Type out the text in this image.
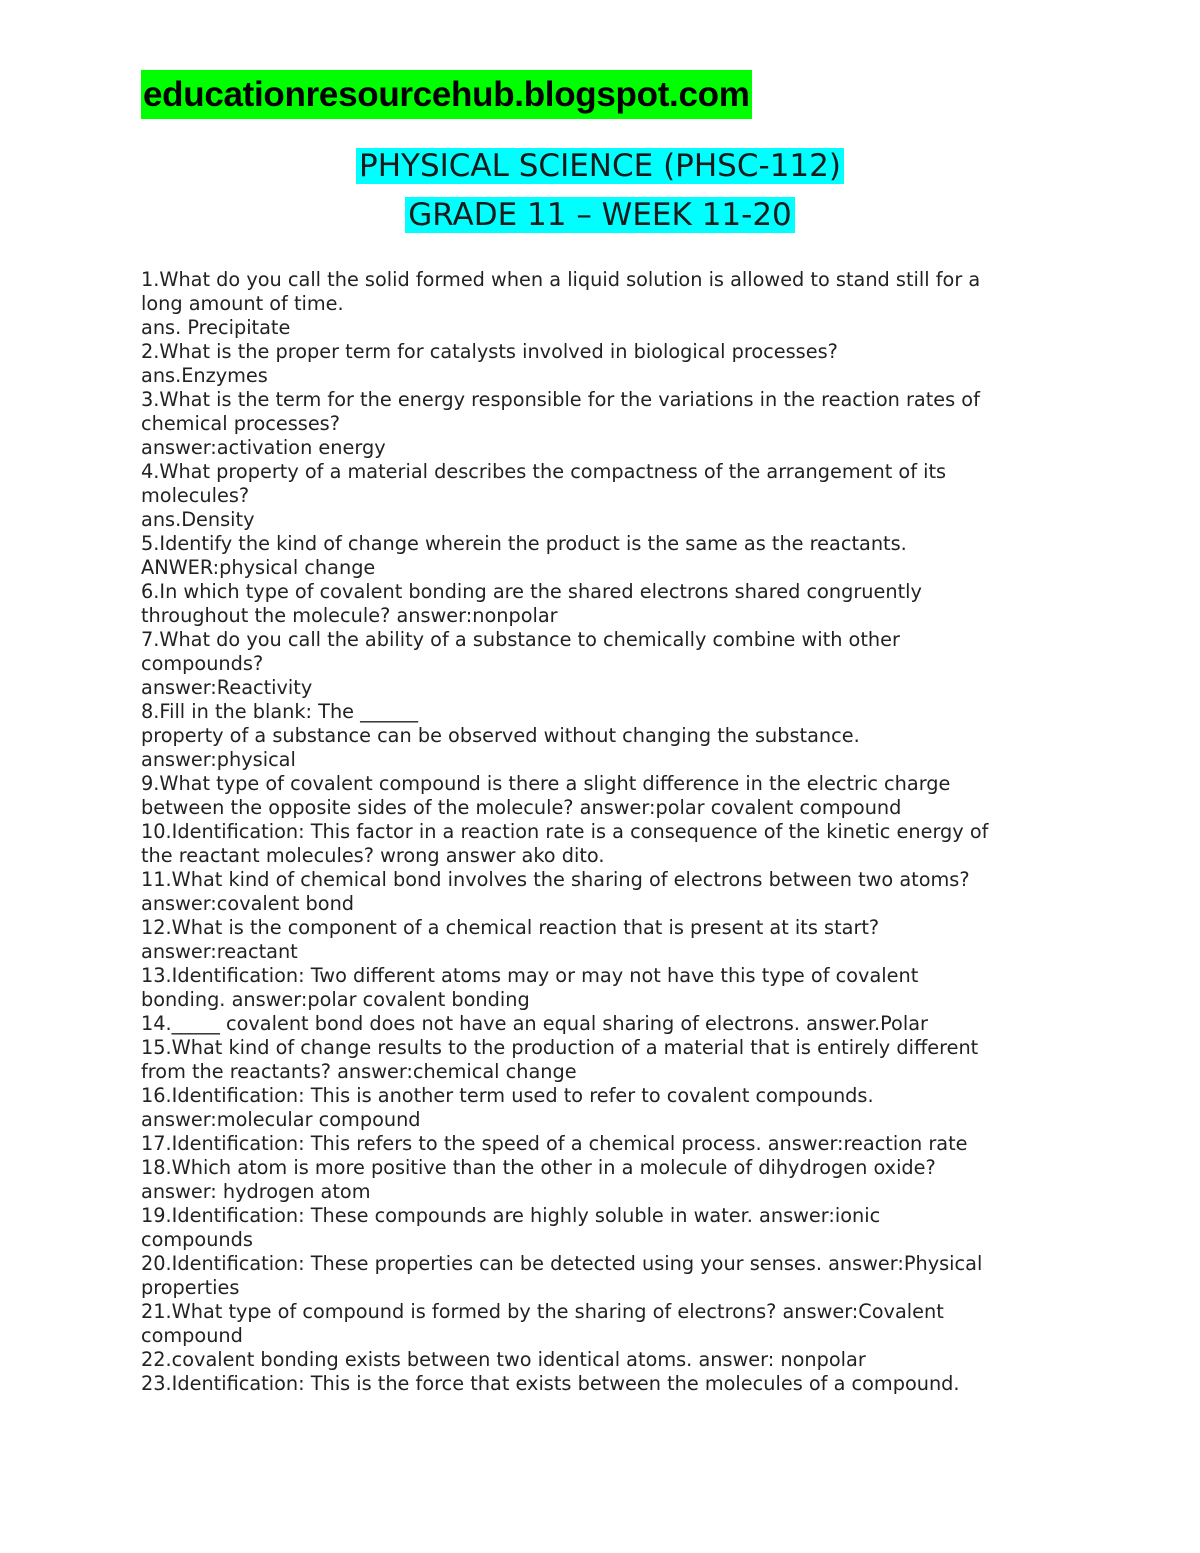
educationresourcehub.blogspot.com
PHYSICAL SCIENCE (PHSC-112)
GRADE 11 – WEEK 11-20
1.What do you call the solid formed when a liquid solution is allowed to stand still for a
long amount of time.
ans. Precipitate
2.What is the proper term for catalysts involved in biological processes?
ans.Enzymes
3.What is the term for the energy responsible for the variations in the reaction rates of
chemical processes?
answer:activation energy
4.What property of a material describes the compactness of the arrangement of its
molecules?
ans.Density
5.Identify the kind of change wherein the product is the same as the reactants.
ANWER:physical change
6.In which type of covalent bonding are the shared electrons shared congruently
throughout the molecule? answer:nonpolar
7.What do you call the ability of a substance to chemically combine with other
compounds?
answer:Reactivity
8.Fill in the blank: The ______
property of a substance can be observed without changing the substance.
answer:physical
9.What type of covalent compound is there a slight difference in the electric charge
between the opposite sides of the molecule? answer:polar covalent compound
10.Identification: This factor in a reaction rate is a consequence of the kinetic energy of
the reactant molecules? wrong answer ako dito.
11.What kind of chemical bond involves the sharing of electrons between two atoms?
answer:covalent bond
12.What is the component of a chemical reaction that is present at its start?
answer:reactant
13.Identification: Two different atoms may or may not have this type of covalent
bonding. answer:polar covalent bonding
14._____ covalent bond does not have an equal sharing of electrons. answer.Polar
15.What kind of change results to the production of a material that is entirely different
from the reactants? answer:chemical change
16.Identification: This is another term used to refer to covalent compounds.
answer:molecular compound
17.Identification: This refers to the speed of a chemical process. answer:reaction rate
18.Which atom is more positive than the other in a molecule of dihydrogen oxide?
answer: hydrogen atom
19.Identification: These compounds are highly soluble in water. answer:ionic
compounds
20.Identification: These properties can be detected using your senses. answer:Physical
properties
21.What type of compound is formed by the sharing of electrons? answer:Covalent
compound
22.covalent bonding exists between two identical atoms. answer: nonpolar
23.Identification: This is the force that exists between the molecules of a compound.
